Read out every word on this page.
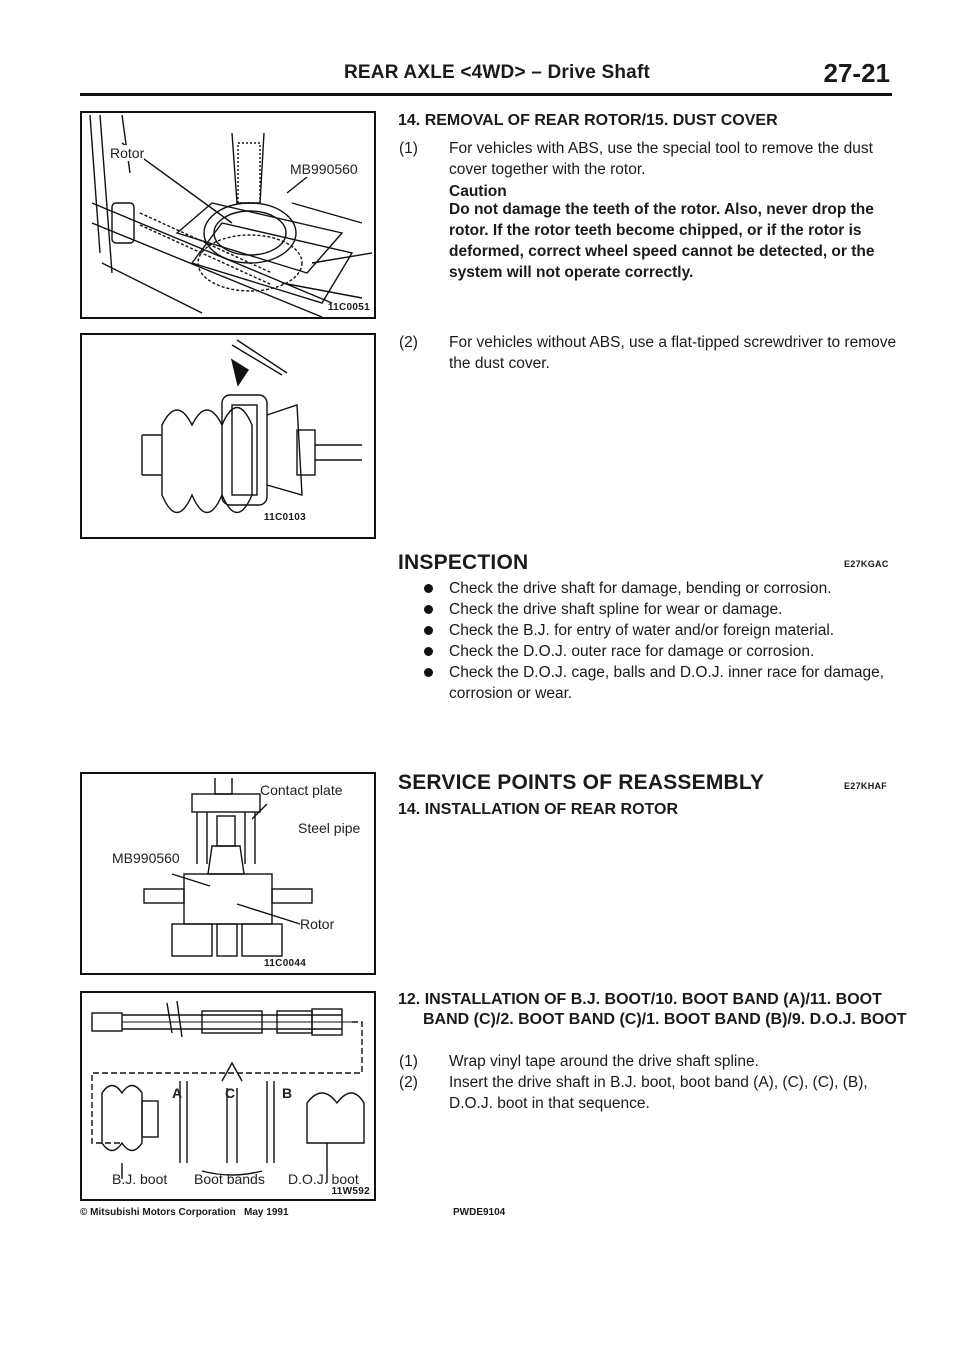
REAR AXLE <4WD> – Drive Shaft	27-21
Rotor
MB990560
11C0051
11C0103
Contact plate
Steel pipe
MB990560
Rotor
11C0044
A	C	B
B.J. boot Boot bands D.O.J. boot
11W592
14. REMOVAL OF REAR ROTOR/15. DUST COVER
(1) For vehicles with ABS, use the special tool to remove the dust cover together with the rotor.
Caution
Do not damage the teeth of the rotor. Also, never drop the rotor. If the rotor teeth become chipped, or if the rotor is deformed, correct wheel speed cannot be detected, or the system will not operate correctly.
(2) For vehicles without ABS, use a flat-tipped screwdriver to remove the dust cover.
INSPECTION	E27KGAC
Check the drive shaft for damage, bending or corrosion.
Check the drive shaft spline for wear or damage.
Check the B.J. for entry of water and/or foreign material.
Check the D.O.J. outer race for damage or corrosion.
Check the D.O.J. cage, balls and D.O.J. inner race for damage, corrosion or wear.
SERVICE POINTS OF REASSEMBLY	E27KHAF
14. INSTALLATION OF REAR ROTOR
12. INSTALLATION OF B.J. BOOT/10. BOOT BAND (A)/11. BOOT BAND (C)/2. BOOT BAND (C)/1. BOOT BAND (B)/9. D.O.J. BOOT
(1) Wrap vinyl tape around the drive shaft spline.
(2) Insert the drive shaft in B.J. boot, boot band (A), (C), (C), (B), D.O.J. boot in that sequence.
© Mitsubishi Motors Corporation   May 1991	PWDE9104
